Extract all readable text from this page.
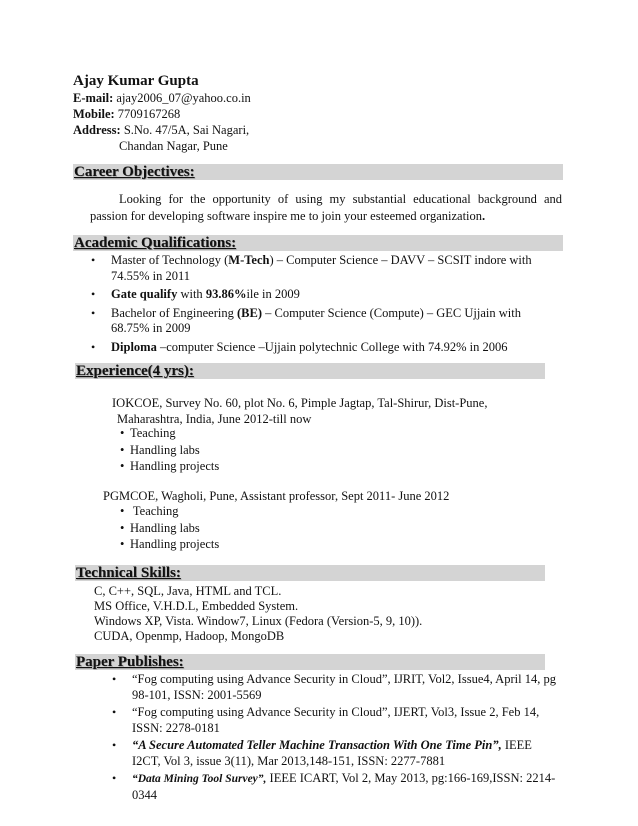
Ajay Kumar Gupta
E-mail: ajay2006_07@yahoo.co.in
Mobile: 7709167268
Address: S.No. 47/5A, Sai Nagari,
Chandan Nagar, Pune
Career Objectives:
Looking for the opportunity of using my substantial educational background and passion for developing software inspire me to join your esteemed organization.
Academic Qualifications:
• Master of Technology (M-Tech) – Computer Science – DAVV – SCSIT indore with 74.55% in 2011
• Gate qualify with 93.86%ile in 2009
• Bachelor of Engineering (BE) – Computer Science (Compute) – GEC Ujjain with 68.75% in 2009
• Diploma –computer Science –Ujjain polytechnic College with 74.92% in 2006
Experience(4 yrs):
IOKCOE, Survey No. 60, plot No. 6, Pimple Jagtap, Tal-Shirur, Dist-Pune,
Maharashtra, India, June 2012-till now
• Teaching
• Handling labs
• Handling projects
PGMCOE, Wagholi, Pune, Assistant professor, Sept 2011- June 2012
• Teaching
• Handling labs
• Handling projects
Technical Skills:
C, C++, SQL, Java, HTML and TCL.
MS Office, V.H.D.L, Embedded System.
Windows XP, Vista. Window7, Linux (Fedora (Version-5, 9, 10)).
CUDA, Openmp, Hadoop, MongoDB
Paper Publishes:
• “Fog computing using Advance Security in Cloud”, IJRIT, Vol2, Issue4, April 14, pg 98-101, ISSN: 2001-5569
• “Fog computing using Advance Security in Cloud”, IJERT, Vol3, Issue 2, Feb 14, ISSN: 2278-0181
• “A Secure Automated Teller Machine Transaction With One Time Pin”, IEEE I2CT, Vol 3, issue 3(11), Mar 2013,148-151, ISSN: 2277-7881
• “Data Mining Tool Survey”, IEEE ICART, Vol 2, May 2013, pg:166-169,ISSN: 2214-0344
